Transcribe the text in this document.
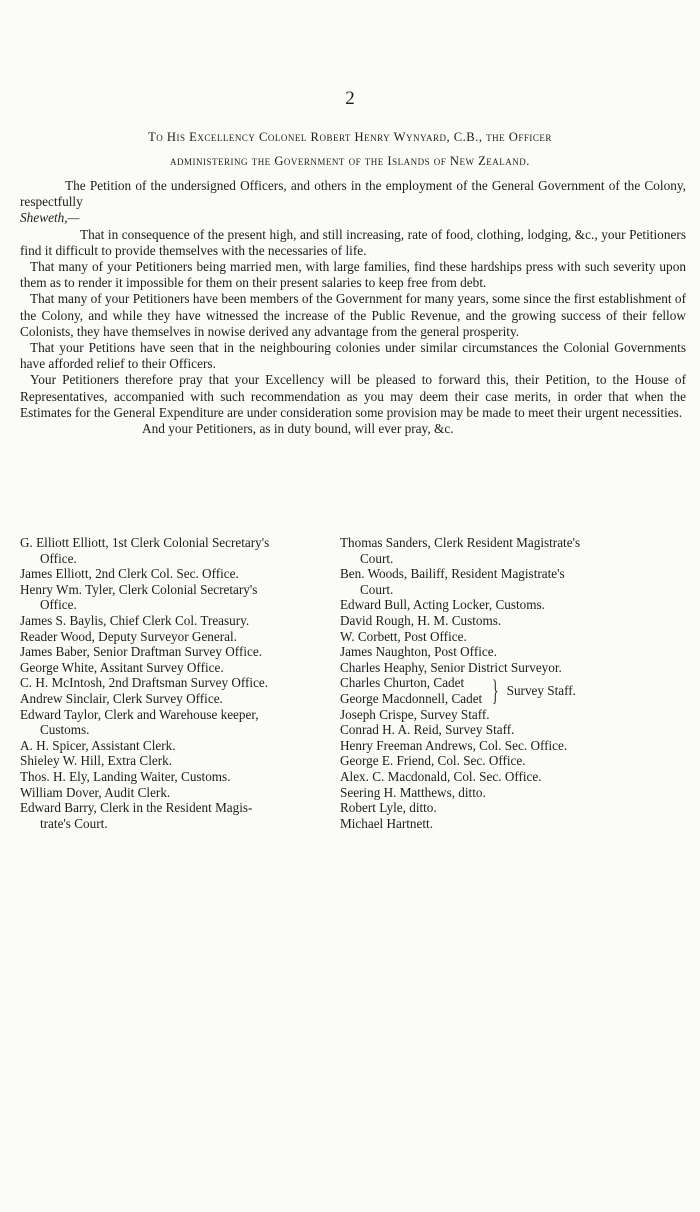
2
To His Excellency Colonel Robert Henry Wynyard, C.B., the Officer
administering the Government of the Islands of New Zealand.

The Petition of the undersigned Officers, and others in the employment of the General Government of the Colony, respectfully

Sheweth,—

That in consequence of the present high, and still increasing, rate of food, clothing, lodging, &c., your Petitioners find it difficult to provide themselves with the necessaries of life.

That many of your Petitioners being married men, with large families, find these hardships press with such severity upon them as to render it impossible for them on their present salaries to keep free from debt.

That many of your Petitioners have been members of the Government for many years, some since the first establishment of the Colony, and while they have witnessed the increase of the Public Revenue, and the growing success of their fellow Colonists, they have themselves in nowise derived any advantage from the general prosperity.

That your Petitions have seen that in the neighbouring colonies under similar circumstances the Colonial Governments have afforded relief to their Officers.

Your Petitioners therefore pray that your Excellency will be pleased to forward this, their Petition, to the House of Representatives, accompanied with such recommendation as you may deem their case merits, in order that when the Estimates for the General Expenditure are under consideration some provision may be made to meet their urgent necessities.

And your Petitioners, as in duty bound, will ever pray, &c.

G. Elliott Elliott, 1st Clerk Colonial Secretary's
Office.
James Elliott, 2nd Clerk Col. Sec. Office.
Henry Wm. Tyler, Clerk Colonial Secretary's
Office.
James S. Baylis, Chief Clerk Col. Treasury.
Reader Wood, Deputy Surveyor General.
James Baber, Senior Draftman Survey Office.
George White, Assitant Survey Office.
C. H. McIntosh, 2nd Draftsman Survey Office.
Andrew Sinclair, Clerk Survey Office.
Edward Taylor, Clerk and Warehouse keeper,
Customs.
A. H. Spicer, Assistant Clerk.
Shieley W. Hill, Extra Clerk.
Thos. H. Ely, Landing Waiter, Customs.
William Dover, Audit Clerk.
Edward Barry, Clerk in the Resident Magis-
trate's Court.
Thomas Sanders, Clerk Resident Magistrate's
Court.
Ben. Woods, Bailiff, Resident Magistrate's
Court.
Edward Bull, Acting Locker, Customs.
David Rough, H. M. Customs.
W. Corbett, Post Office.
James Naughton, Post Office.
Charles Heaphy, Senior District Surveyor.
Charles Churton, Cadet
George Macdonnell, Cadet } Survey Staff.
Joseph Crispe, Survey Staff.
Conrad H. A. Reid, Survey Staff.
Henry Freeman Andrews, Col. Sec. Office.
George E. Friend, Col. Sec. Office.
Alex. C. Macdonald, Col. Sec. Office.
Seering H. Matthews, ditto.
Robert Lyle, ditto.
Michael Hartnett.
